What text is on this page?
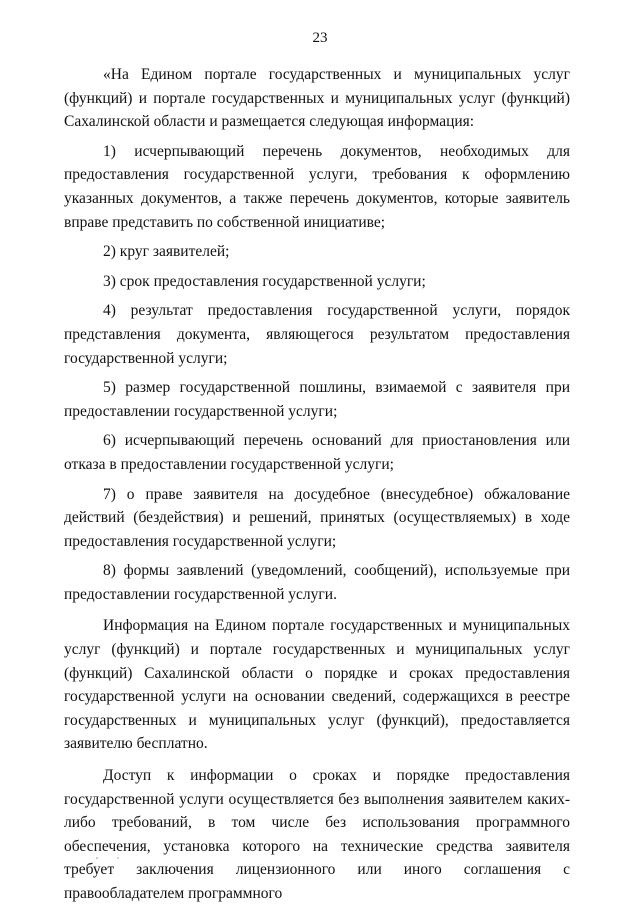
23

«На Едином портале государственных и муниципальных услуг (функций) и портале государственных и муниципальных услуг (функций) Сахалинской области и размещается следующая информация:

1) исчерпывающий перечень документов, необходимых для предоставления государственной услуги, требования к оформлению указанных документов, а также перечень документов, которые заявитель вправе представить по собственной инициативе;

2) круг заявителей;

3) срок предоставления государственной услуги;

4) результат предоставления государственной услуги, порядок представления документа, являющегося результатом предоставления государственной услуги;

5) размер государственной пошлины, взимаемой с заявителя при предоставлении государственной услуги;

6) исчерпывающий перечень оснований для приостановления или отказа в предоставлении государственной услуги;

7) о праве заявителя на досудебное (внесудебное) обжалование действий (бездействия) и решений, принятых (осуществляемых) в ходе предоставления государственной услуги;

8) формы заявлений (уведомлений, сообщений), используемые при предоставлении государственной услуги.

Информация на Едином портале государственных и муниципальных услуг (функций) и портале государственных и муниципальных услуг (функций) Сахалинской области о порядке и сроках предоставления государственной услуги на основании сведений, содержащихся в реестре государственных и муниципальных услуг (функций), предоставляется заявителю бесплатно.

Доступ к информации о сроках и порядке предоставления государственной услуги осуществляется без выполнения заявителем каких-либо требований, в том числе без использования программного обеспечения, установка которого на технические средства заявителя требует заключения лицензионного или иного соглашения с правообладателем программного
